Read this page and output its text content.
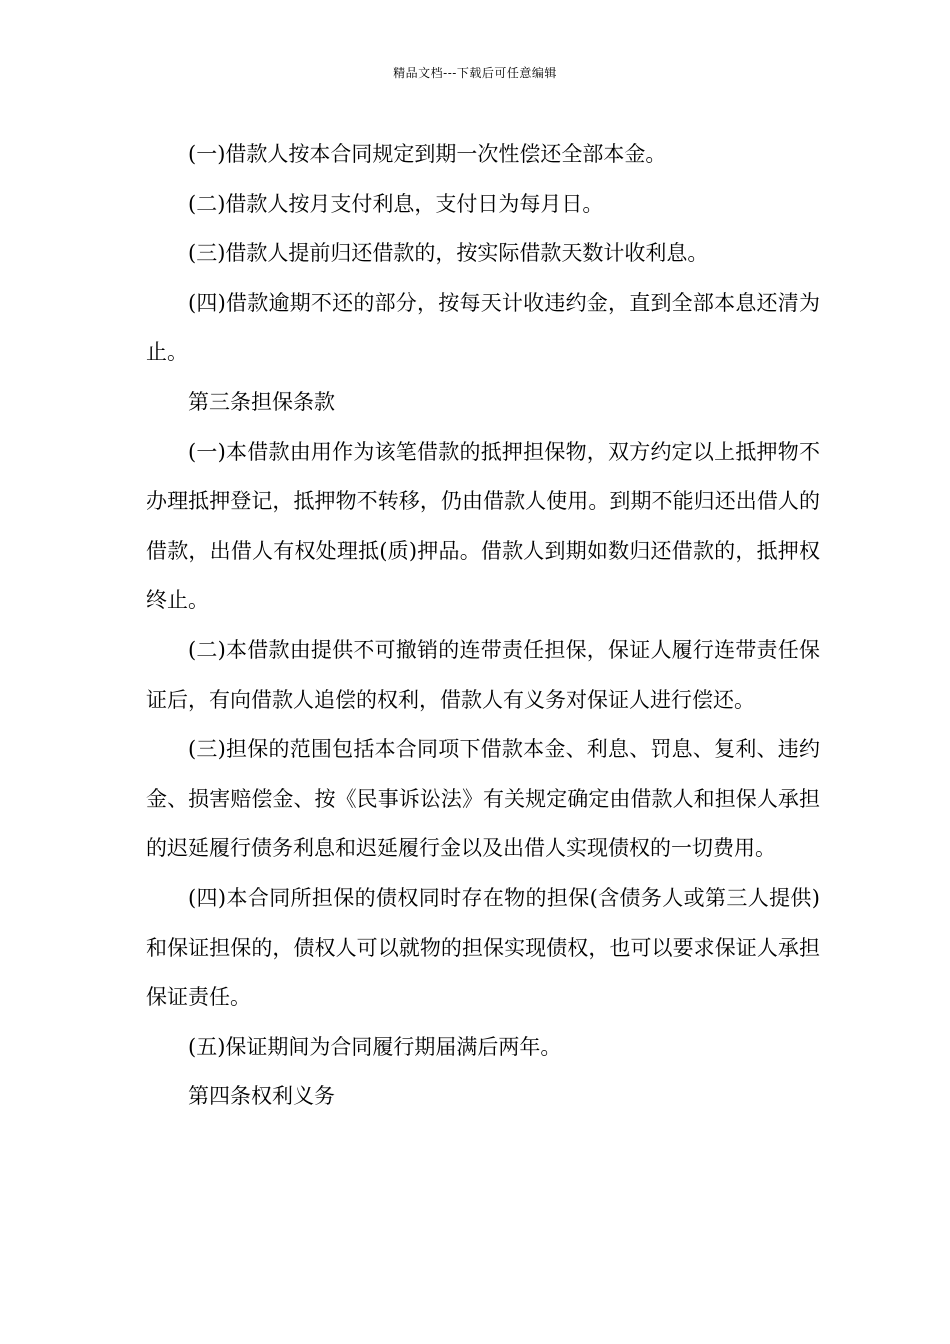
精品文档---下载后可任意编辑

(一)借款人按本合同规定到期一次性偿还全部本金。

(二)借款人按月支付利息，支付日为每月日。

(三)借款人提前归还借款的，按实际借款天数计收利息。

(四)借款逾期不还的部分，按每天计收违约金，直到全部本息还清为止。

第三条担保条款

(一)本借款由用作为该笔借款的抵押担保物，双方约定以上抵押物不办理抵押登记，抵押物不转移，仍由借款人使用。到期不能归还出借人的借款，出借人有权处理抵(质)押品。借款人到期如数归还借款的，抵押权终止。

(二)本借款由提供不可撤销的连带责任担保，保证人履行连带责任保证后，有向借款人追偿的权利，借款人有义务对保证人进行偿还。

(三)担保的范围包括本合同项下借款本金、利息、罚息、复利、违约金、损害赔偿金、按《民事诉讼法》有关规定确定由借款人和担保人承担的迟延履行债务利息和迟延履行金以及出借人实现债权的一切费用。

(四)本合同所担保的债权同时存在物的担保(含债务人或第三人提供)和保证担保的，债权人可以就物的担保实现债权，也可以要求保证人承担保证责任。

(五)保证期间为合同履行期届满后两年。

第四条权利义务
